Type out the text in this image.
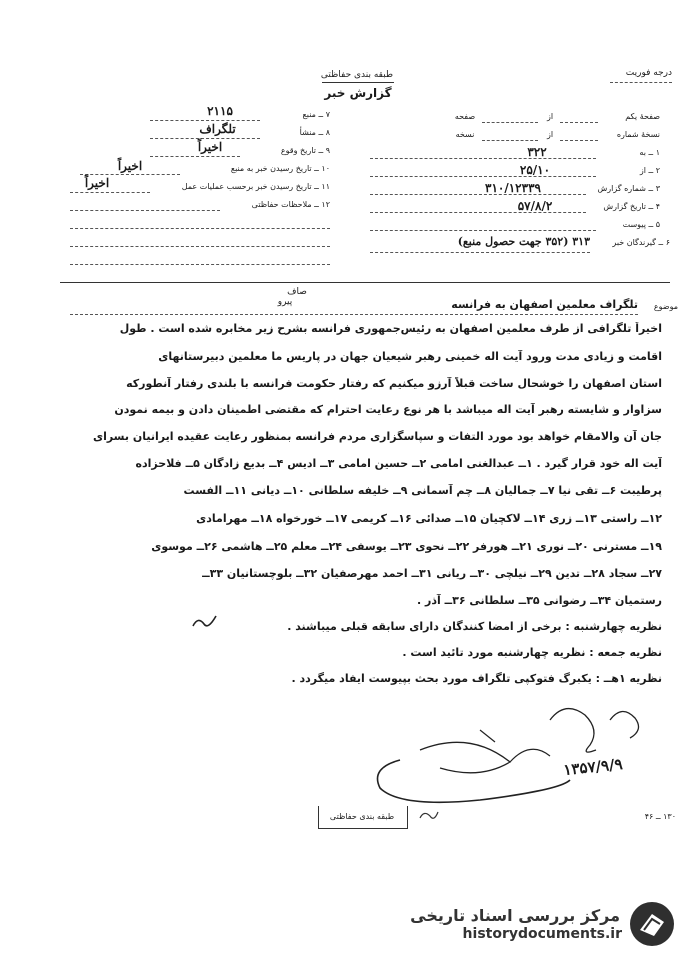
طبقه بندی حفاظتی
گزارش خبر
درجه فوریت
صفحهٔ یکم
از
صفحه
نسخهٔ شماره
از
نسخه
۱ ــ به
۳۲۲
۲ ــ از
۲۵/۱۰
۳ ــ شماره گزارش
۳۱۰/۱۲۳۳۹
۴ ــ تاریخ گزارش
۵۷/۸/۲
۵ ــ پیوست
۶ ــ گیرندگان خبر
۳۱۳ (۳۵۲ جهت حصول منبع)
۷ ــ منبع
۲۱۱۵
۸ ــ منشأ
تلگراف
۹ ــ تاریخ وقوع
اخیراً
۱۰ ــ تاریخ رسیدن خبر به منبع
اخیراً
۱۱ ــ تاریخ رسیدن خبر برحسب عملیات عمل
اخیراً
۱۲ ــ ملاحظات حفاظتی
صاف
پیرو	موضوع
تلگراف معلمین اصفهان به فرانسه
اخیراً تلگرافی از طرف معلمین اصفهان به رئیس‌جمهوری فرانسه بشرح زیر مخابره شده است . طول
اقامت و زیادی مدت ورود آیت اله خمینی رهبر شیعیان جهان در پاریس ما معلمین دبیرستانهای
استان اصفهان را خوشحال ساخت قبلاً آرزو میکنیم که رفتار حکومت فرانسه با بلندی رفتار آنطورکه
سزاوار و شایسته رهبر آیت اله میباشد با هر نوع رعایت احترام که مقتضی اطمینان دادن و بیمه نمودن
جان آن والامقام خواهد بود مورد التفات و سپاسگزاری مردم فرانسه بمنظور رعایت عقیده ایرانیان بسرای
آیت اله خود قرار گیرد . ۱ــ عبدالغنی امامی ۲ــ حسین امامی ۳ــ ادیس ۴ــ بدیع زادگان ۵ــ فلاحزاده
پرطیبت ۶ــ تقی نیا ۷ــ جمالیان ۸ــ چم آسمانی ۹ــ خلیفه سلطانی ۱۰ــ دیانی ۱۱ــ الفست
۱۲ــ راستی ۱۳ــ زری ۱۴ــ لاکچیان ۱۵ــ صدائی ۱۶ــ کریمی ۱۷ــ خورخواه ۱۸ــ مهرامادی
۱۹ــ مسترنی ۲۰ــ نوری ۲۱ــ هورفر ۲۲ــ نحوی ۲۳ــ یوسفی ۲۴ــ معلم ۲۵ــ هاشمی ۲۶ــ موسوی
۲۷ــ سجاد ۲۸ــ تدین ۲۹ــ نیلچی ۳۰ــ ریانی ۳۱ــ احمد مهرصفیان ۳۲ــ بلوچستانیان ۳۳ــ
رستمیان ۳۴ــ رضوانی ۳۵ــ سلطانی ۳۶ــ آذر .
نظریه چهارشنبه : برخی از امضا کنندگان دارای سابقه قبلی میباشند .
نظریه جمعه : نظریه چهارشنبه مورد تائید است .
نظریه ۱هــ : یکبرگ فتوکپی تلگراف مورد بحث بپیوست ایفاد میگردد .
۱۳۵۷/۹/۹
طبقه بندی حفاظتی	۱۳۰ ــ ۴۶
مرکز بررسی اسناد تاریخی
historydocuments.ir
